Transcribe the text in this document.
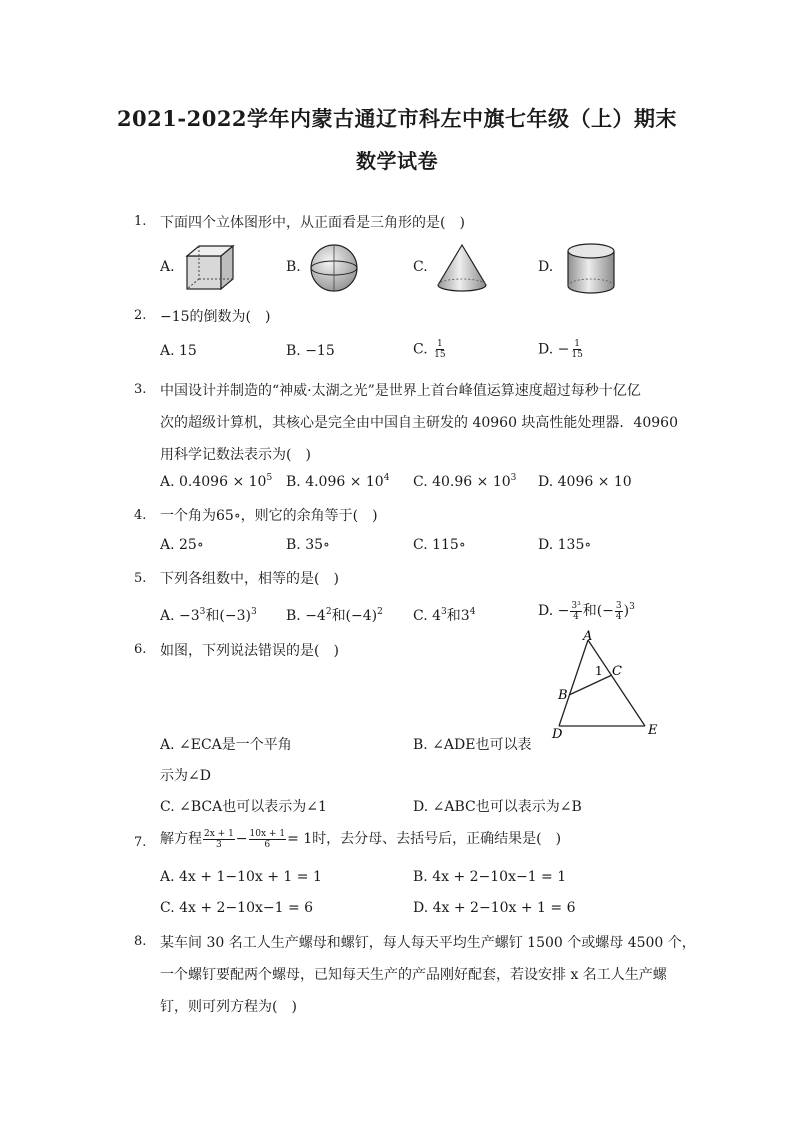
2021-2022学年内蒙古通辽市科左中旗七年级（上）期末
数学试卷
1. 下面四个立体图形中，从正面看是三角形的是(　)
A.	B.	C.	D.
2. −15的倒数为(　)
A. 15	B. −15	C. $\frac{1}{15}$	D. − $\frac{1}{15}$
3. 中国设计并制造的“神威·太湖之光”是世界上首台峰值运算速度超过每秒十亿亿
次的超级计算机，其核心是完全由中国自主研发的 40960 块高性能处理器．40960
用科学记数法表示为(　)
A. $0.4096 \times 10^5$ B. $4.096 \times 10^4$ C. $40.96 \times 10^3$ D. 4096 × 10
4. 一个角为65∘，则它的余角等于(　)
A. 25∘	B. 35∘	C. 115∘	D. 135∘
5. 下列各组数中，相等的是(　)
A. $-3^3$和$(-3)^3$ B. $-4^2$和$(-4)^2$ C. $4^3$和$3^4$	D. − $\frac{\text{3³}}{4}$ 和(− $\frac{3}{4} )^3$
6. 如图，下列说法错误的是(　)
A
C
1
B
D	E
A. ∠ECA是一个平角	B. ∠ADE也可以表
示为∠D
C. ∠BCA也可以表示为∠1	D. ∠ABC也可以表示为∠B
7. 解方程 $\frac{2x + 1}{3} - \frac{10x + 1}{6} = 1$时，去分母、去括号后，正确结果是(　)
A. 4x + 1−10x + 1 = 1	B. 4x + 2−10x−1 = 1
C. 4x + 2−10x−1 = 6	D. 4x + 2−10x + 1 = 6
8. 某车间 30 名工人生产螺母和螺钉，每人每天平均生产螺钉 1500 个或螺母 4500 个，
一个螺钉要配两个螺母，已知每天生产的产品刚好配套，若设安排 x 名工人生产螺
钉，则可列方程为(　)
